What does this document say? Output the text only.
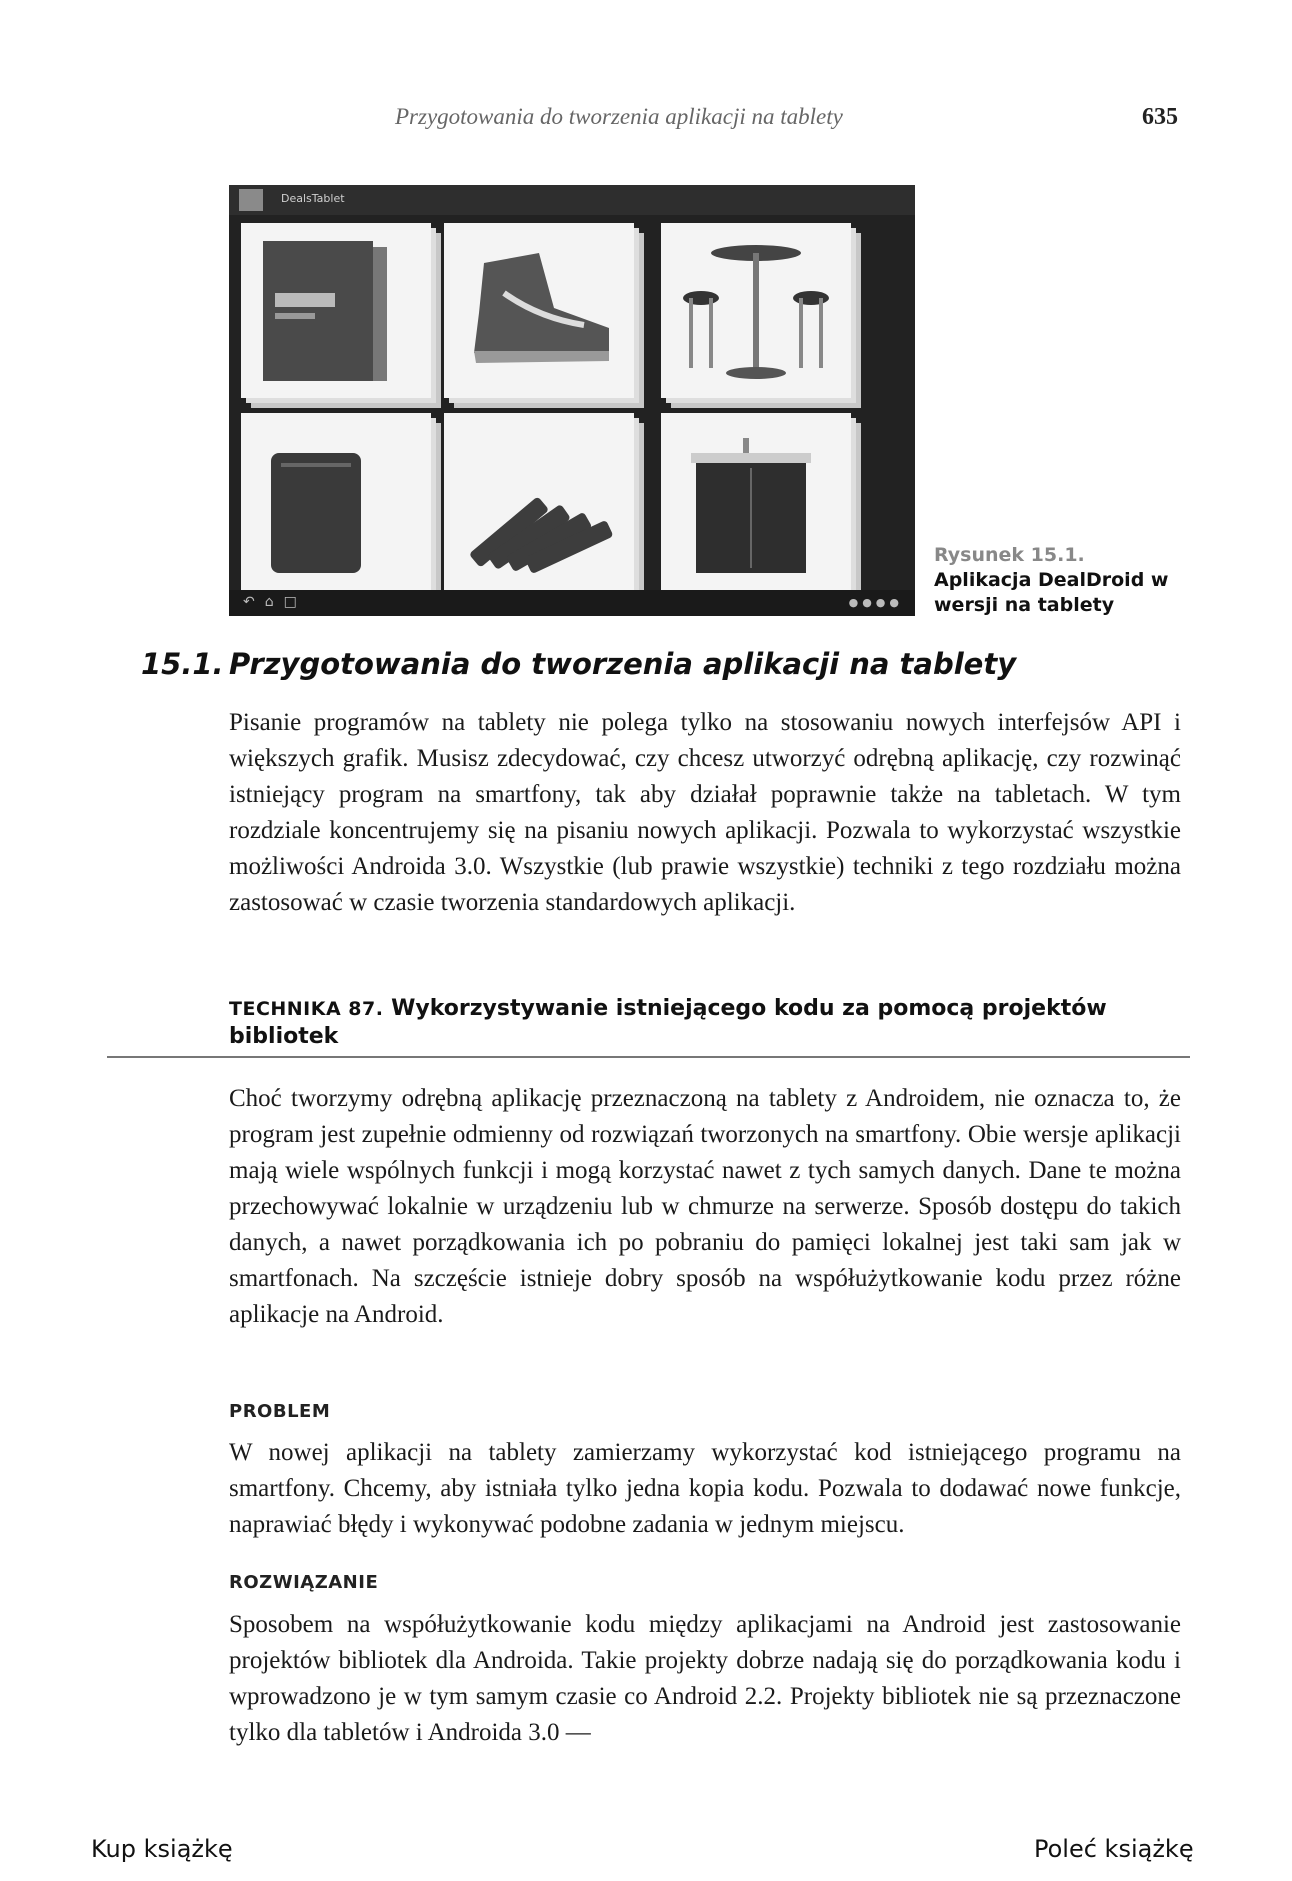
Przygotowania do tworzenia aplikacji na tablety	635
DealsTablet
↶⌂□	●●●●
Rysunek 15.1.
Aplikacja DealDroid w wersji na tablety
15.1. Przygotowania do tworzenia aplikacji na tablety

Pisanie programów na tablety nie polega tylko na stosowaniu nowych interfejsów API i większych grafik. Musisz zdecydować, czy chcesz utworzyć odrębną aplikację, czy rozwinąć istniejący program na smartfony, tak aby działał poprawnie także na tabletach. W tym rozdziale koncentrujemy się na pisaniu nowych aplikacji. Pozwala to wykorzystać wszystkie możliwości Androida 3.0. Wszystkie (lub prawie wszystkie) techniki z tego rozdziału można zastosować w czasie tworzenia standardowych aplikacji.

TECHNIKA 87. Wykorzystywanie istniejącego kodu za pomocą projektów bibliotek

Choć tworzymy odrębną aplikację przeznaczoną na tablety z Androidem, nie oznacza to, że program jest zupełnie odmienny od rozwiązań tworzonych na smartfony. Obie wersje aplikacji mają wiele wspólnych funkcji i mogą korzystać nawet z tych samych danych. Dane te można przechowywać lokalnie w urządzeniu lub w chmurze na serwerze. Sposób dostępu do takich danych, a nawet porządkowania ich po pobraniu do pamięci lokalnej jest taki sam jak w smartfonach. Na szczęście istnieje dobry sposób na współużytkowanie kodu przez różne aplikacje na Android.

PROBLEM

W nowej aplikacji na tablety zamierzamy wykorzystać kod istniejącego programu na smartfony. Chcemy, aby istniała tylko jedna kopia kodu. Pozwala to dodawać nowe funkcje, naprawiać błędy i wykonywać podobne zadania w jednym miejscu.

ROZWIĄZANIE

Sposobem na współużytkowanie kodu między aplikacjami na Android jest zastosowanie projektów bibliotek dla Androida. Takie projekty dobrze nadają się do porządkowania kodu i wprowadzono je w tym samym czasie co Android 2.2. Projekty bibliotek nie są przeznaczone tylko dla tabletów i Androida 3.0 —

Kup książkę	Poleć książkę
